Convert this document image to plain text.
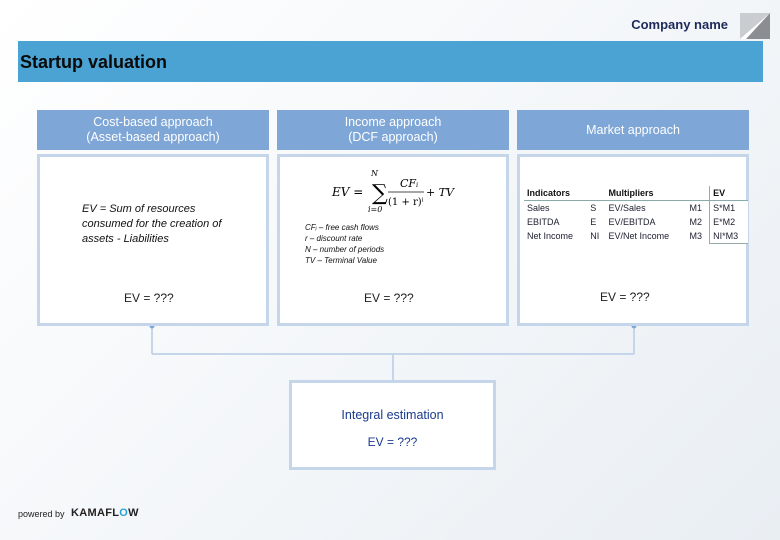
Company name
Startup valuation
Cost-based approach
(Asset-based approach)
EV = Sum of resources
consumed for the creation of
assets - Liabilities
EV = ???
Income approach
(DCF approach)
EV = ∑
N
i=0
CFᵢ
(1 + r)ⁱ
+ TV
CFᵢ – free cash flows
r – discount rate
N – number of periods
TV – Terminal Value
EV = ???
Market approach
Indicators		Multipliers		EV
Sales	S	EV/Sales	M1	S*M1
EBITDA	E	EV/EBITDA	M2	E*M2
Net Income	NI	EV/Net Income	M3	NI*M3
EV = ???
Integral estimation
EV = ???
powered by KAMAFLOW
